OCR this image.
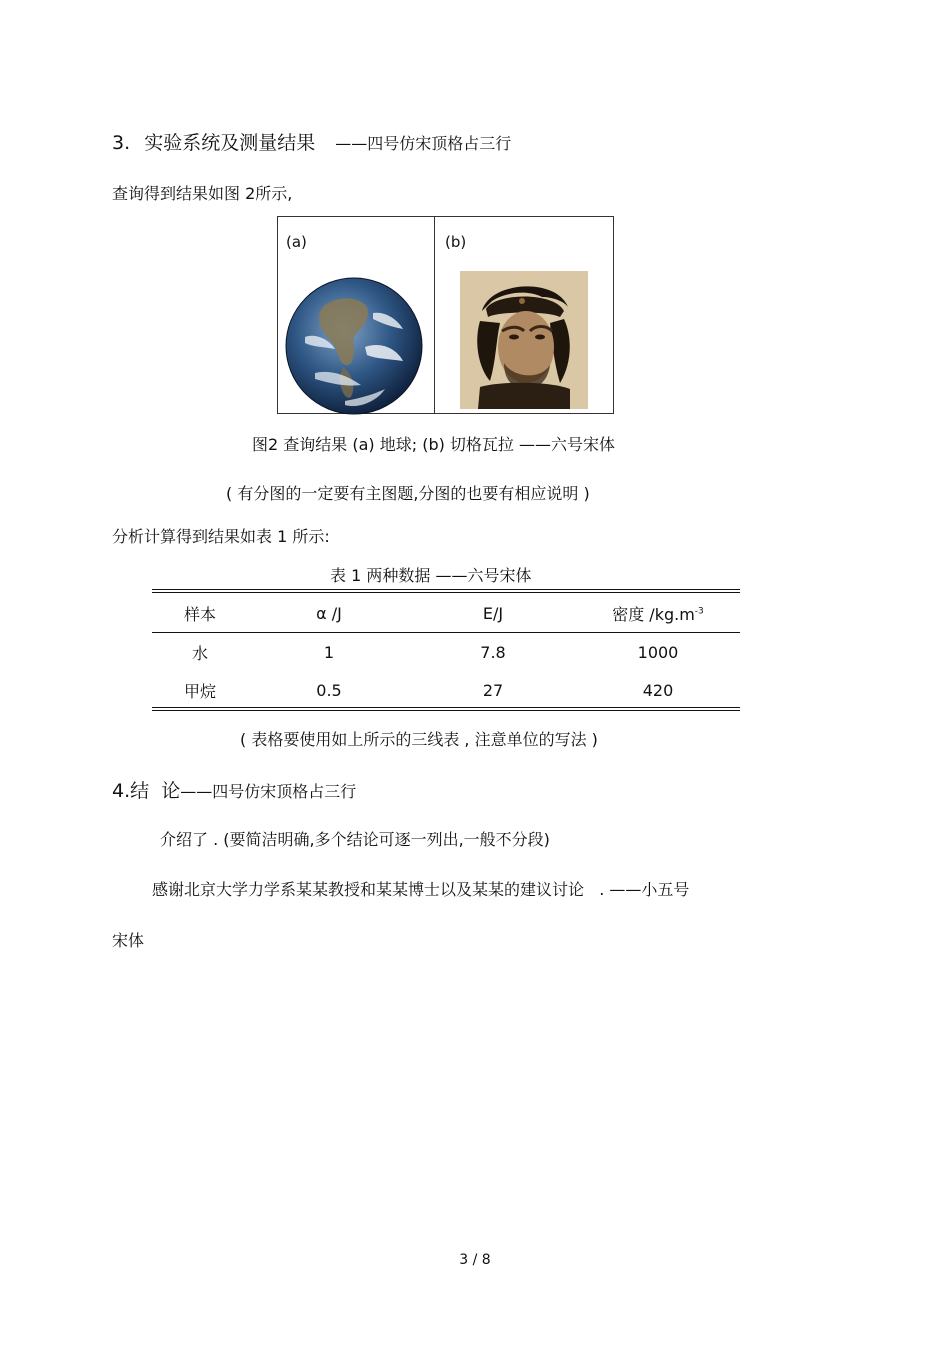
3. 实验系统及测量结果 ——四号仿宋顶格占三行
查询得到结果如图 2所示,
(a)	(b)
图2 查询结果 (a) 地球; (b) 切格瓦拉 ——六号宋体
( 有分图的一定要有主图题,分图的也要有相应说明 )
分析计算得到结果如表 1 所示:
表 1 两种数据 ——六号宋体
样本	α /J	E/J	密度 $/kg.m^{-3}$
水	1	7.8	1000
甲烷	0.5	27	420
( 表格要使用如上所示的三线表 , 注意单位的写法 )
4.结  论——四号仿宋顶格占三行
介绍了 . (要简洁明确,多个结论可逐一列出,一般不分段)
感谢北京大学力学系某某教授和某某博士以及某某的建议讨论   . ——小五号
宋体
3 / 8
